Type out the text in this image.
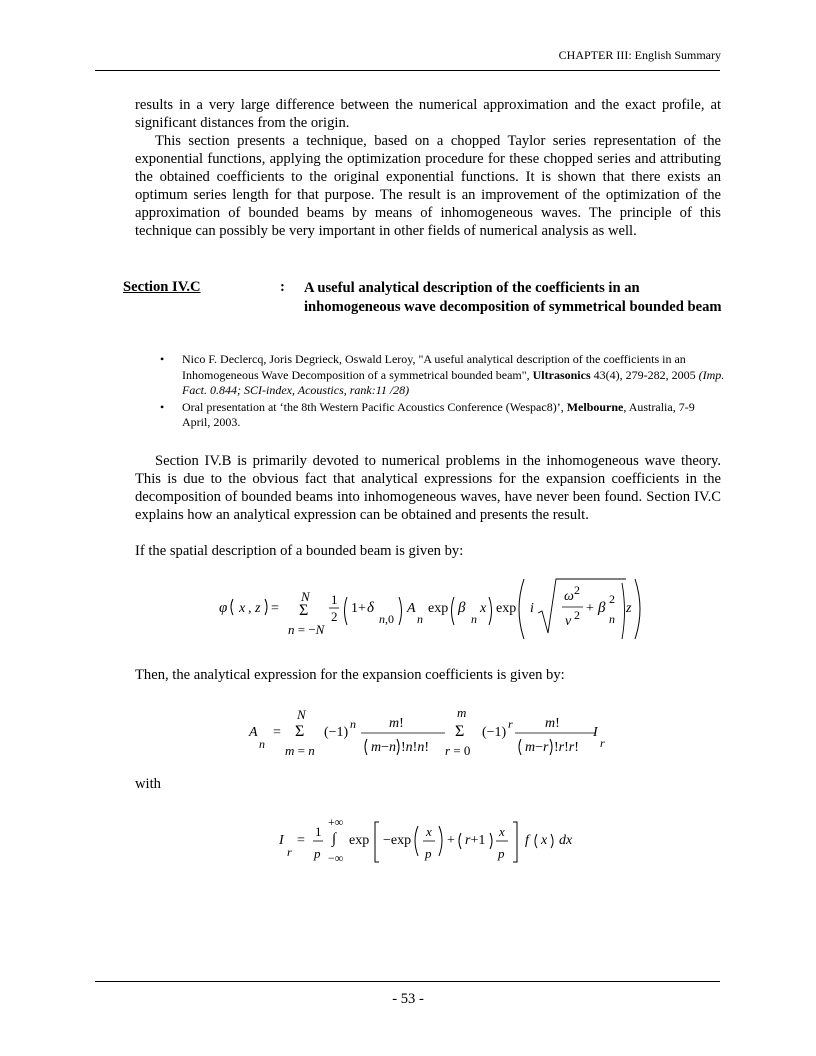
CHAPTER III: English Summary

results in a very large difference between the numerical approximation and the exact profile, at significant distances from the origin.

This section presents a technique, based on a chopped Taylor series representation of the exponential functions, applying the optimization procedure for these chopped series and attributing the obtained coefficients to the original exponential functions. It is shown that there exists an optimum series length for that purpose. The result is an improvement of the optimization of the approximation of bounded beams by means of inhomogeneous waves. The principle of this technique can possibly be very important in other fields of numerical analysis as well.

Section IV.C	: A useful analytical description of the coefficients in an inhomogeneous wave decomposition of symmetrical bounded beam
• Nico F. Declercq, Joris Degrieck, Oswald Leroy, "A useful analytical description of the coefficients in an Inhomogeneous Wave Decomposition of a symmetrical bounded beam", Ultrasonics 43(4), 279-282, 2005 (Imp. Fact. 0.844; SCI-index, Acoustics, rank:11 /28)
• Oral presentation at ‘the 8th Western Pacific Acoustics Conference (Wespac8)’, Melbourne, Australia, 7-9 April, 2003.

Section IV.B is primarily devoted to numerical problems in the inhomogeneous wave theory. This is due to the obvious fact that analytical expressions for the expansion coefficients in the decomposition of bounded beams into inhomogeneous waves, have never been found. Section IV.C explains how an analytical expression can be obtained and presents the result.

If the spatial description of a bounded beam is given by:

φ x , z =
N
Σ
n = −N
1
2
1+ δ
n,0
A
n
exp β
n
x exp i
ω 2
v 2 + β
2
n
z

Then, the analytical expression for the expansion coefficients is given by:

A
n
=
N
Σ
m = n
(−1)
n m!
m−n !n!n!
m
Σ
r = 0
(−1)
r m!
m−r !r!r!
I
r

with

I
r
=
1
p
+∞
∫
−∞
exp −exp
x
p
+ r+1
x
p
f x dx
- 53 -
